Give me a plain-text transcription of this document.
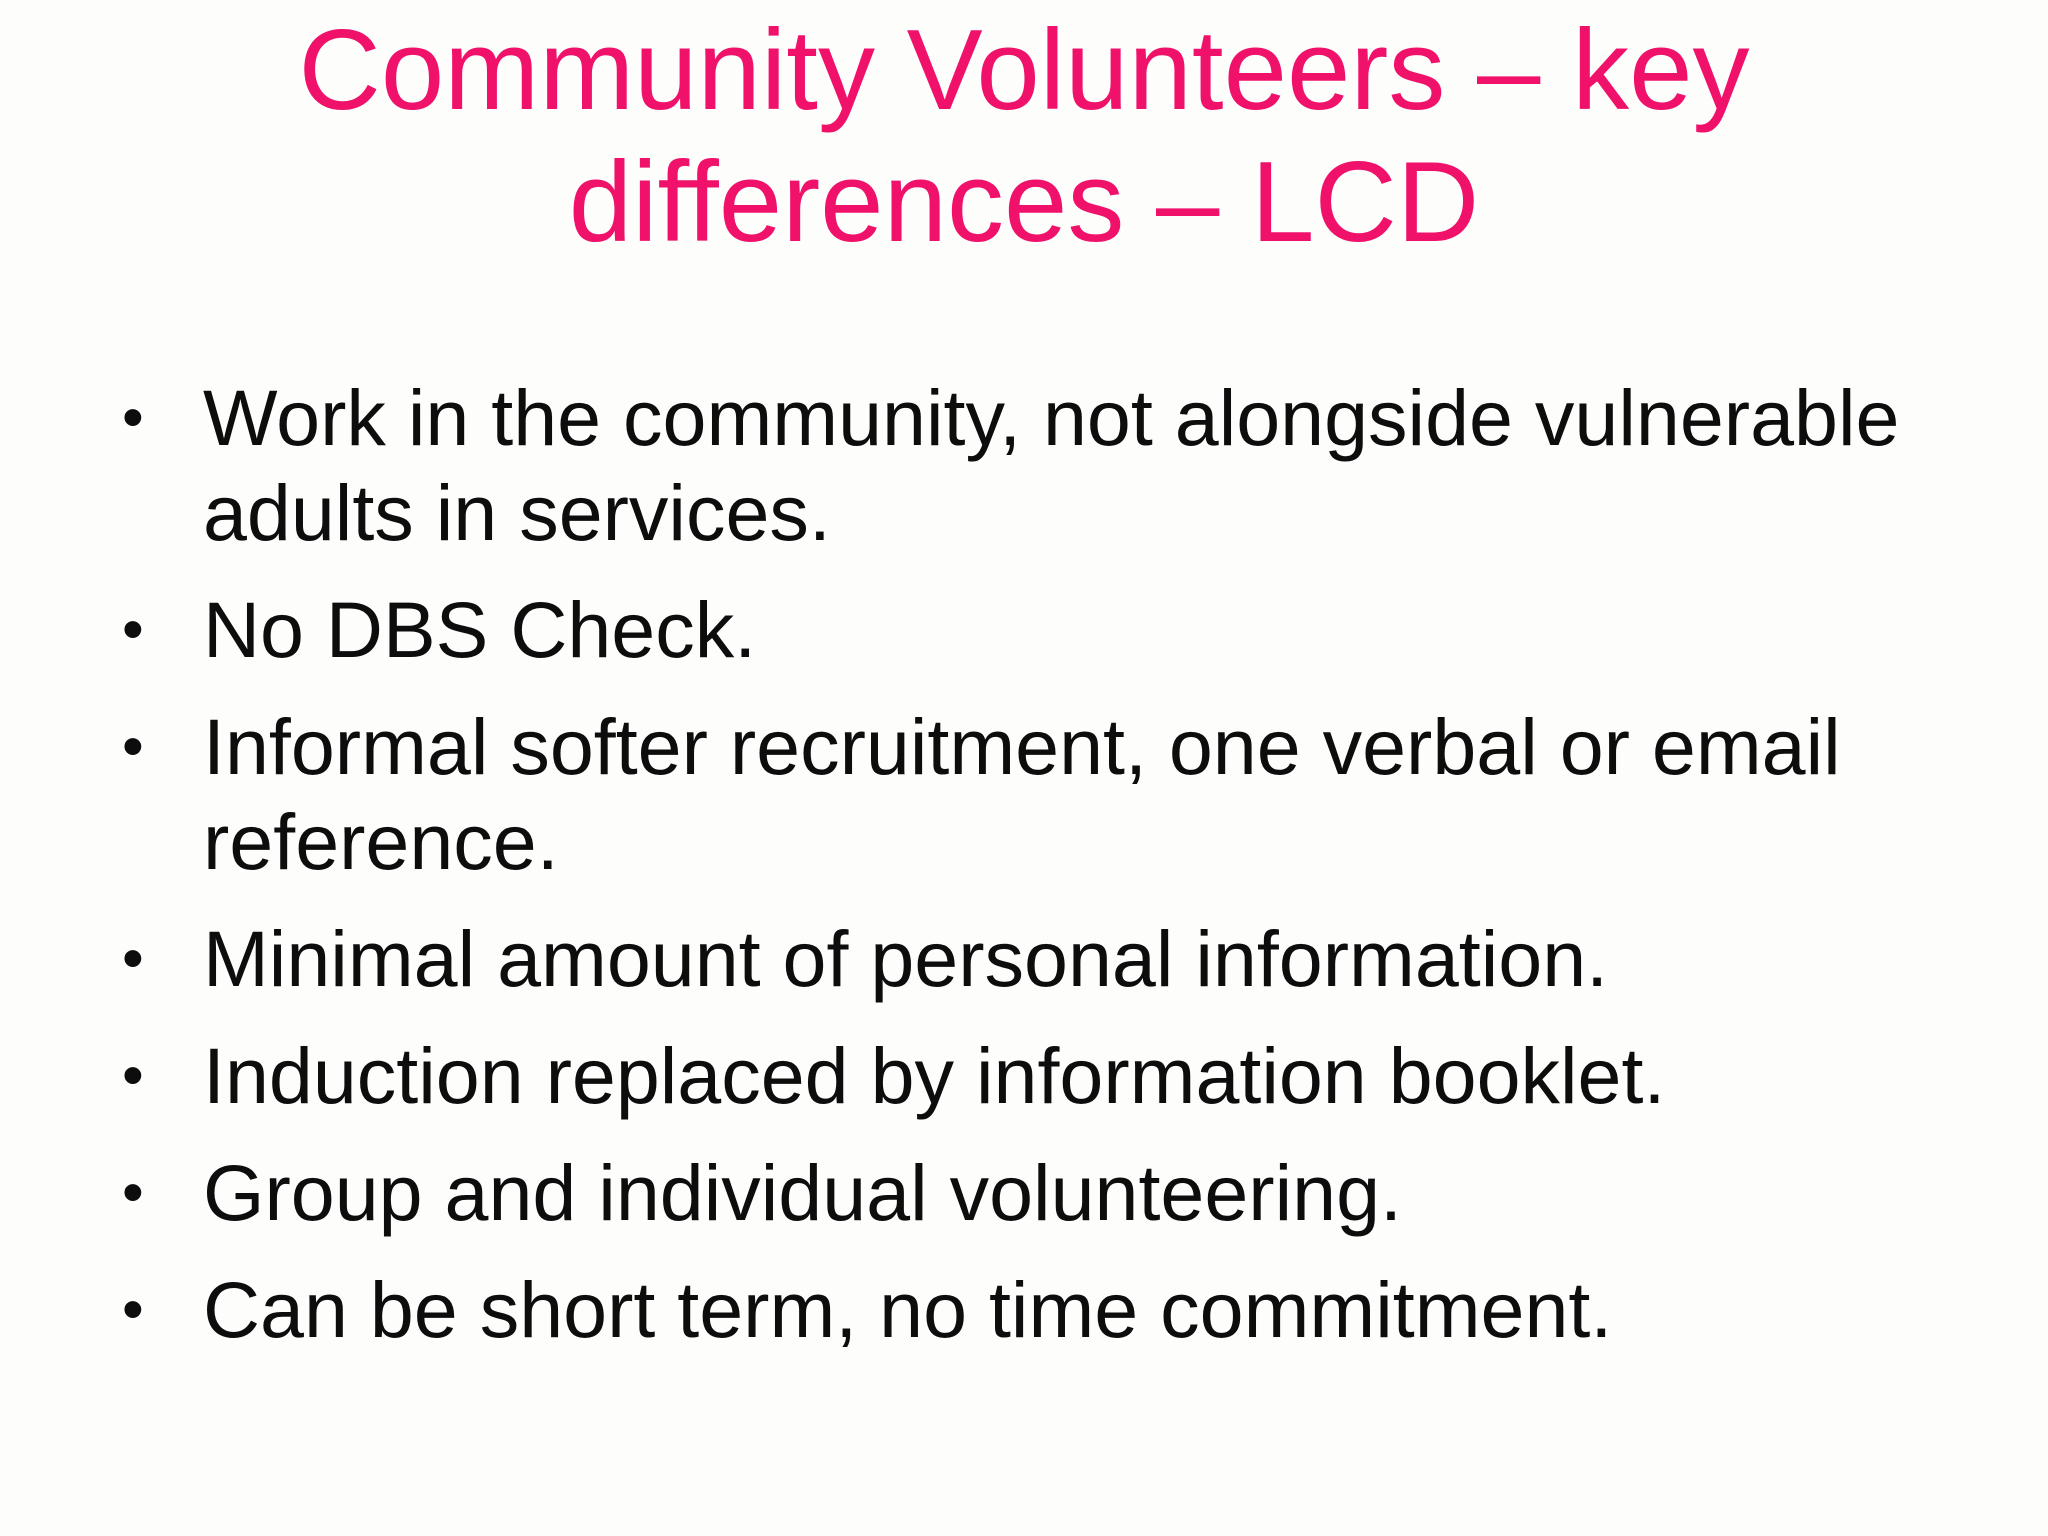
Community Volunteers – key
differences – LCD
• Work in the community, not alongside vulnerable adults in services.
• No DBS Check.
• Informal softer recruitment, one verbal or email reference.
• Minimal amount of personal information.
• Induction replaced by information booklet.
• Group and individual volunteering.
• Can be short term, no time commitment.
